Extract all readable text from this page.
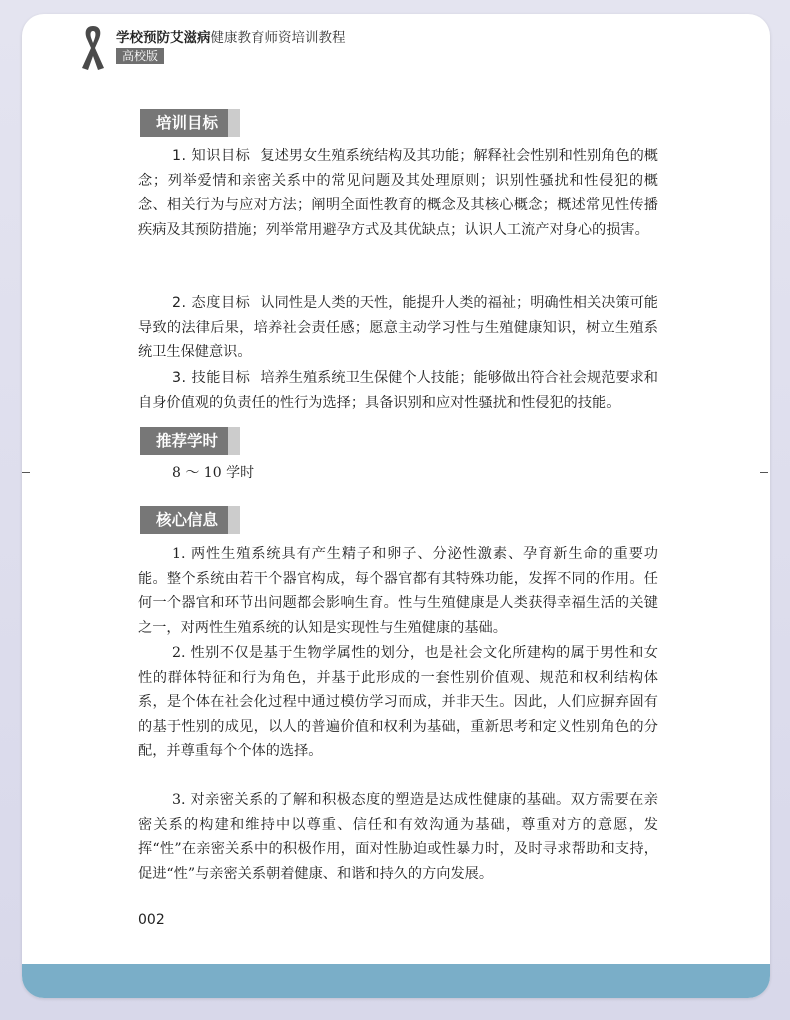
学校预防艾滋病健康教育师资培训教程
高校版
培训目标

1. 知识目标 复述男女生殖系统结构及其功能；解释社会性别和性别角色的概念；列举爱情和亲密关系中的常见问题及其处理原则；识别性骚扰和性侵犯的概念、相关行为与应对方法；阐明全面性教育的概念及其核心概念；概述常见性传播疾病及其预防措施；列举常用避孕方式及其优缺点；认识人工流产对身心的损害。

2. 态度目标 认同性是人类的天性，能提升人类的福祉；明确性相关决策可能导致的法律后果，培养社会责任感；愿意主动学习性与生殖健康知识，树立生殖系统卫生保健意识。

3. 技能目标 培养生殖系统卫生保健个人技能；能够做出符合社会规范要求和自身价值观的负责任的性行为选择；具备识别和应对性骚扰和性侵犯的技能。

推荐学时
8 ～ 10 学时
核心信息

1. 两性生殖系统具有产生精子和卵子、分泌性激素、孕育新生命的重要功能。整个系统由若干个器官构成，每个器官都有其特殊功能，发挥不同的作用。任何一个器官和环节出问题都会影响生育。性与生殖健康是人类获得幸福生活的关键之一，对两性生殖系统的认知是实现性与生殖健康的基础。

2. 性别不仅是基于生物学属性的划分，也是社会文化所建构的属于男性和女性的群体特征和行为角色，并基于此形成的一套性别价值观、规范和权利结构体系，是个体在社会化过程中通过模仿学习而成，并非天生。因此，人们应摒弃固有的基于性别的成见，以人的普遍价值和权利为基础，重新思考和定义性别角色的分配，并尊重每个个体的选择。

3. 对亲密关系的了解和积极态度的塑造是达成性健康的基础。双方需要在亲密关系的构建和维持中以尊重、信任和有效沟通为基础，尊重对方的意愿，发挥“性”在亲密关系中的积极作用，面对性胁迫或性暴力时，及时寻求帮助和支持，促进“性”与亲密关系朝着健康、和谐和持久的方向发展。

002
